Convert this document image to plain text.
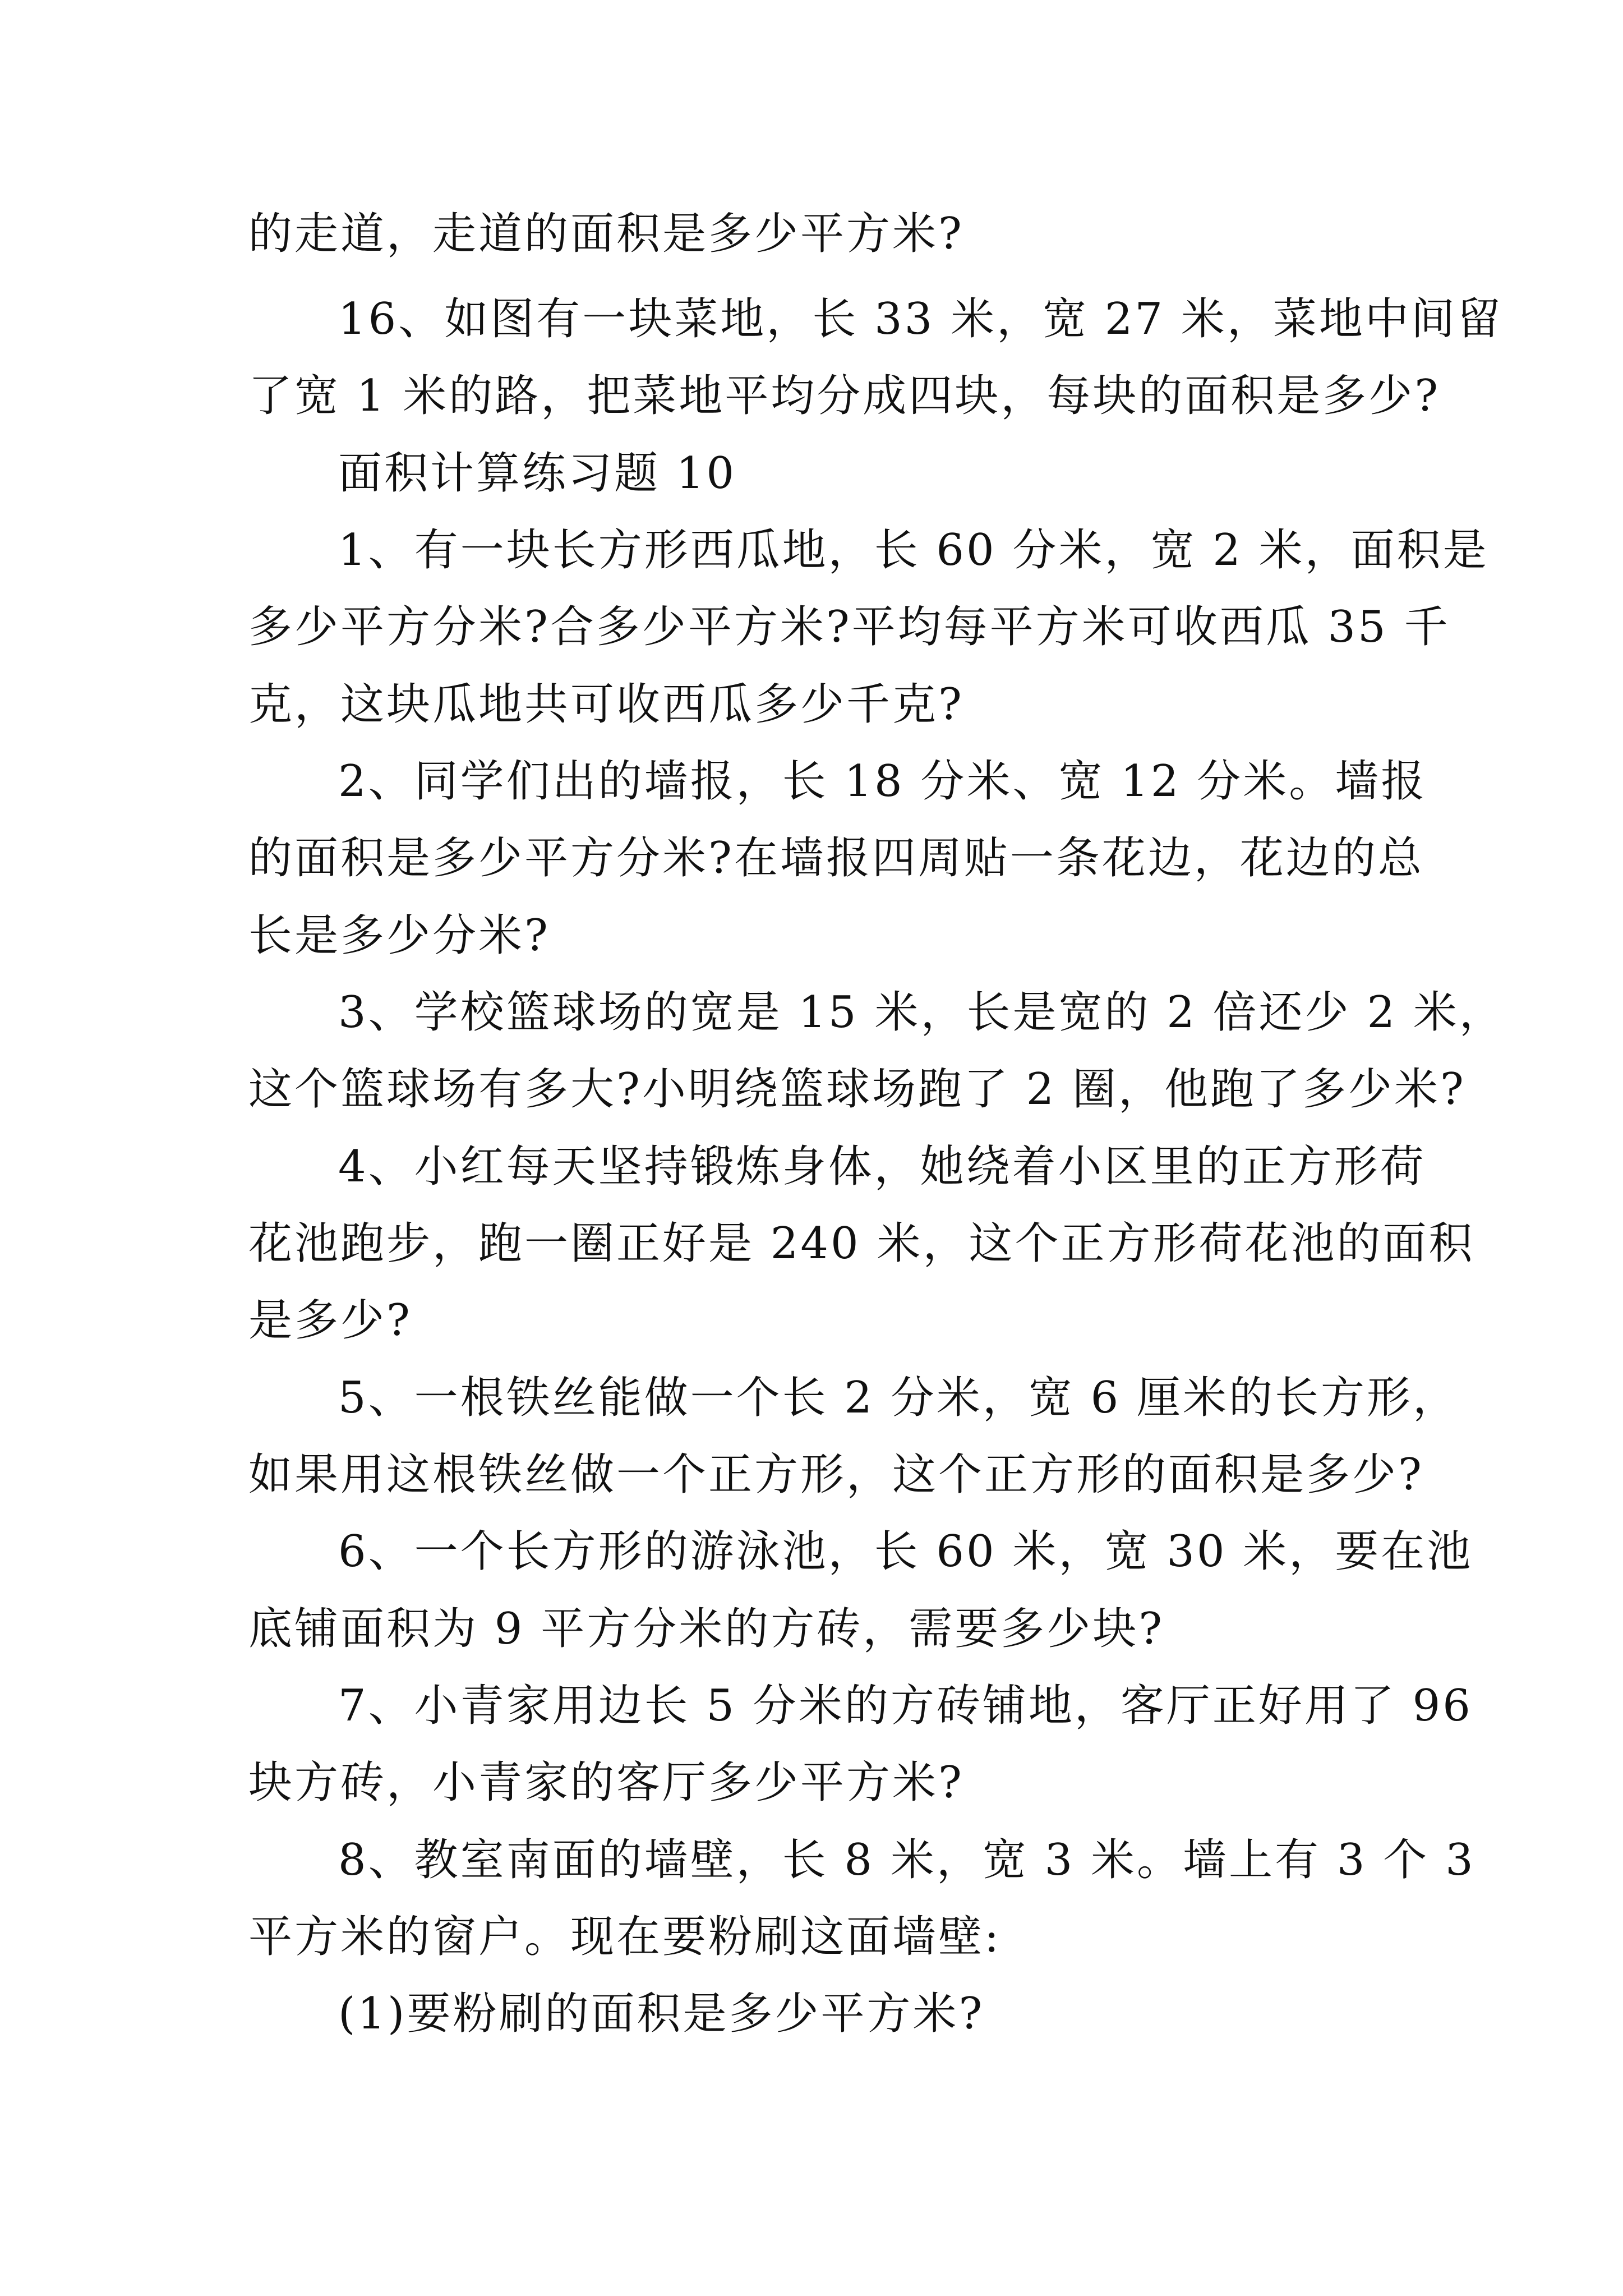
的走道，走道的面积是多少平方米?
16、如图有一块菜地，长 33 米，宽 27 米，菜地中间留
了宽 1 米的路，把菜地平均分成四块，每块的面积是多少?
面积计算练习题 10
1、有一块长方形西瓜地，长 60 分米，宽 2 米，面积是
多少平方分米?合多少平方米?平均每平方米可收西瓜 35 千
克，这块瓜地共可收西瓜多少千克?
2、同学们出的墙报，长 18 分米、宽 12 分米。墙报
的面积是多少平方分米?在墙报四周贴一条花边，花边的总
长是多少分米?
3、学校篮球场的宽是 15 米，长是宽的 2 倍还少 2 米，
这个篮球场有多大?小明绕篮球场跑了 2 圈，他跑了多少米?
4、小红每天坚持锻炼身体，她绕着小区里的正方形荷
花池跑步，跑一圈正好是 240 米，这个正方形荷花池的面积
是多少?
5、一根铁丝能做一个长 2 分米，宽 6 厘米的长方形，
如果用这根铁丝做一个正方形，这个正方形的面积是多少?
6、一个长方形的游泳池，长 60 米，宽 30 米，要在池
底铺面积为 9 平方分米的方砖，需要多少块?
7、小青家用边长 5 分米的方砖铺地，客厅正好用了 96
块方砖，小青家的客厅多少平方米?
8、教室南面的墙壁，长 8 米，宽 3 米。墙上有 3 个 3
平方米的窗户。现在要粉刷这面墙壁:
(1)要粉刷的面积是多少平方米?
